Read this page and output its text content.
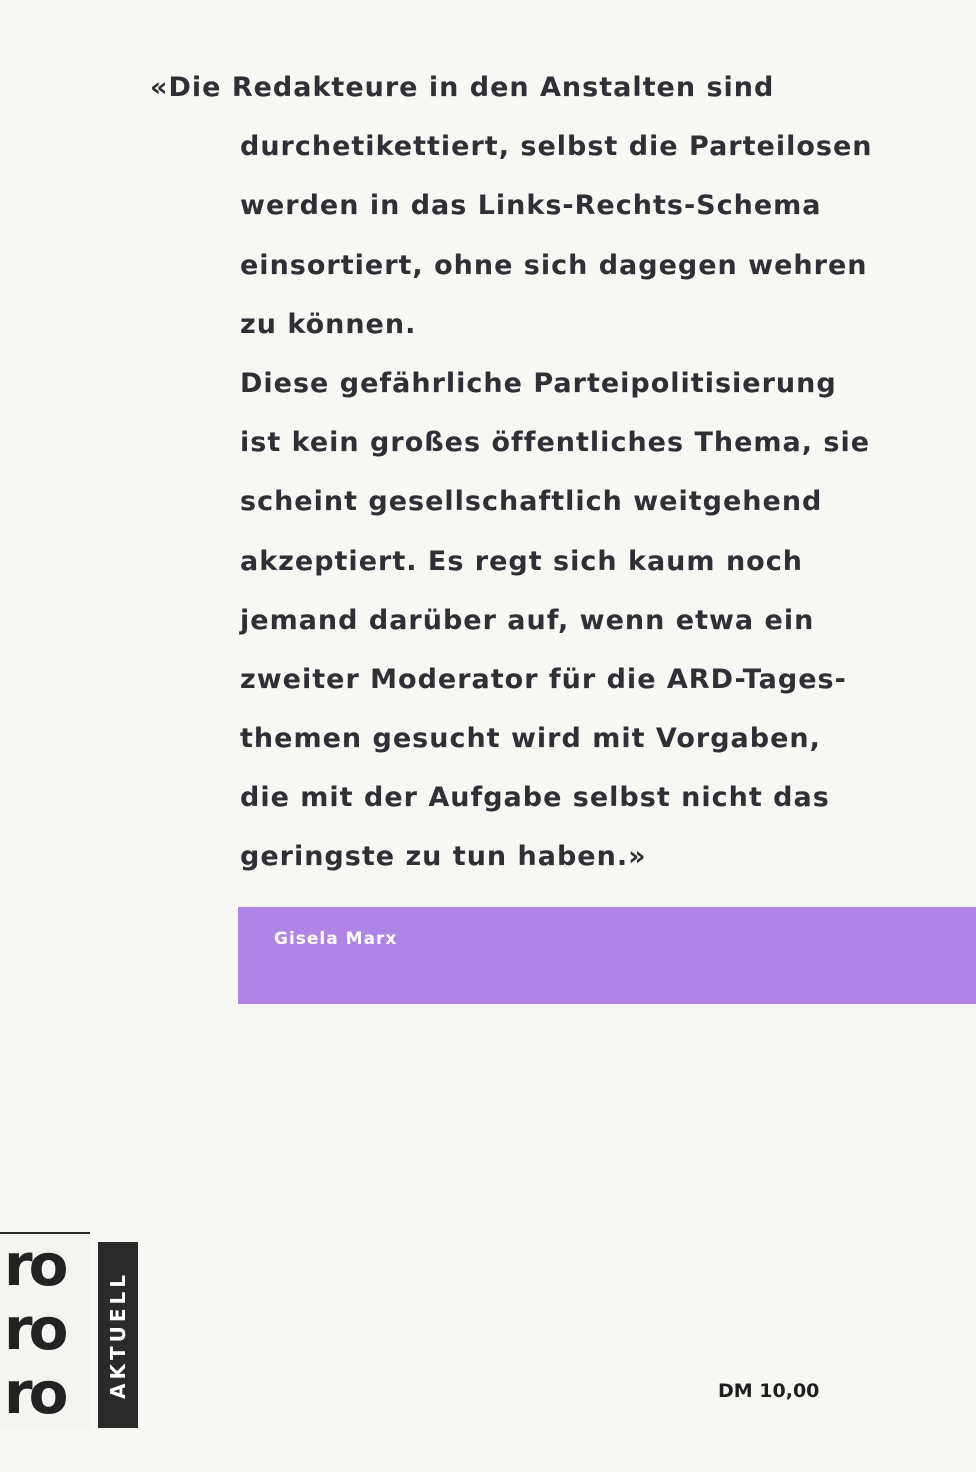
«Die Redakteure in den Anstalten sind
durchetikettiert, selbst die Parteilosen
werden in das Links-Rechts-Schema
einsortiert, ohne sich dagegen wehren
zu können.
Diese gefährliche Parteipolitisierung
ist kein großes öffentliches Thema, sie
scheint gesellschaftlich weitgehend
akzeptiert. Es regt sich kaum noch
jemand darüber auf, wenn etwa ein
zweiter Moderator für die ARD-Tages-
themen gesucht wird mit Vorgaben,
die mit der Aufgabe selbst nicht das
geringste zu tun haben.»
Gisela Marx
ro
ro
ro AKTUELL	DM 10,00
